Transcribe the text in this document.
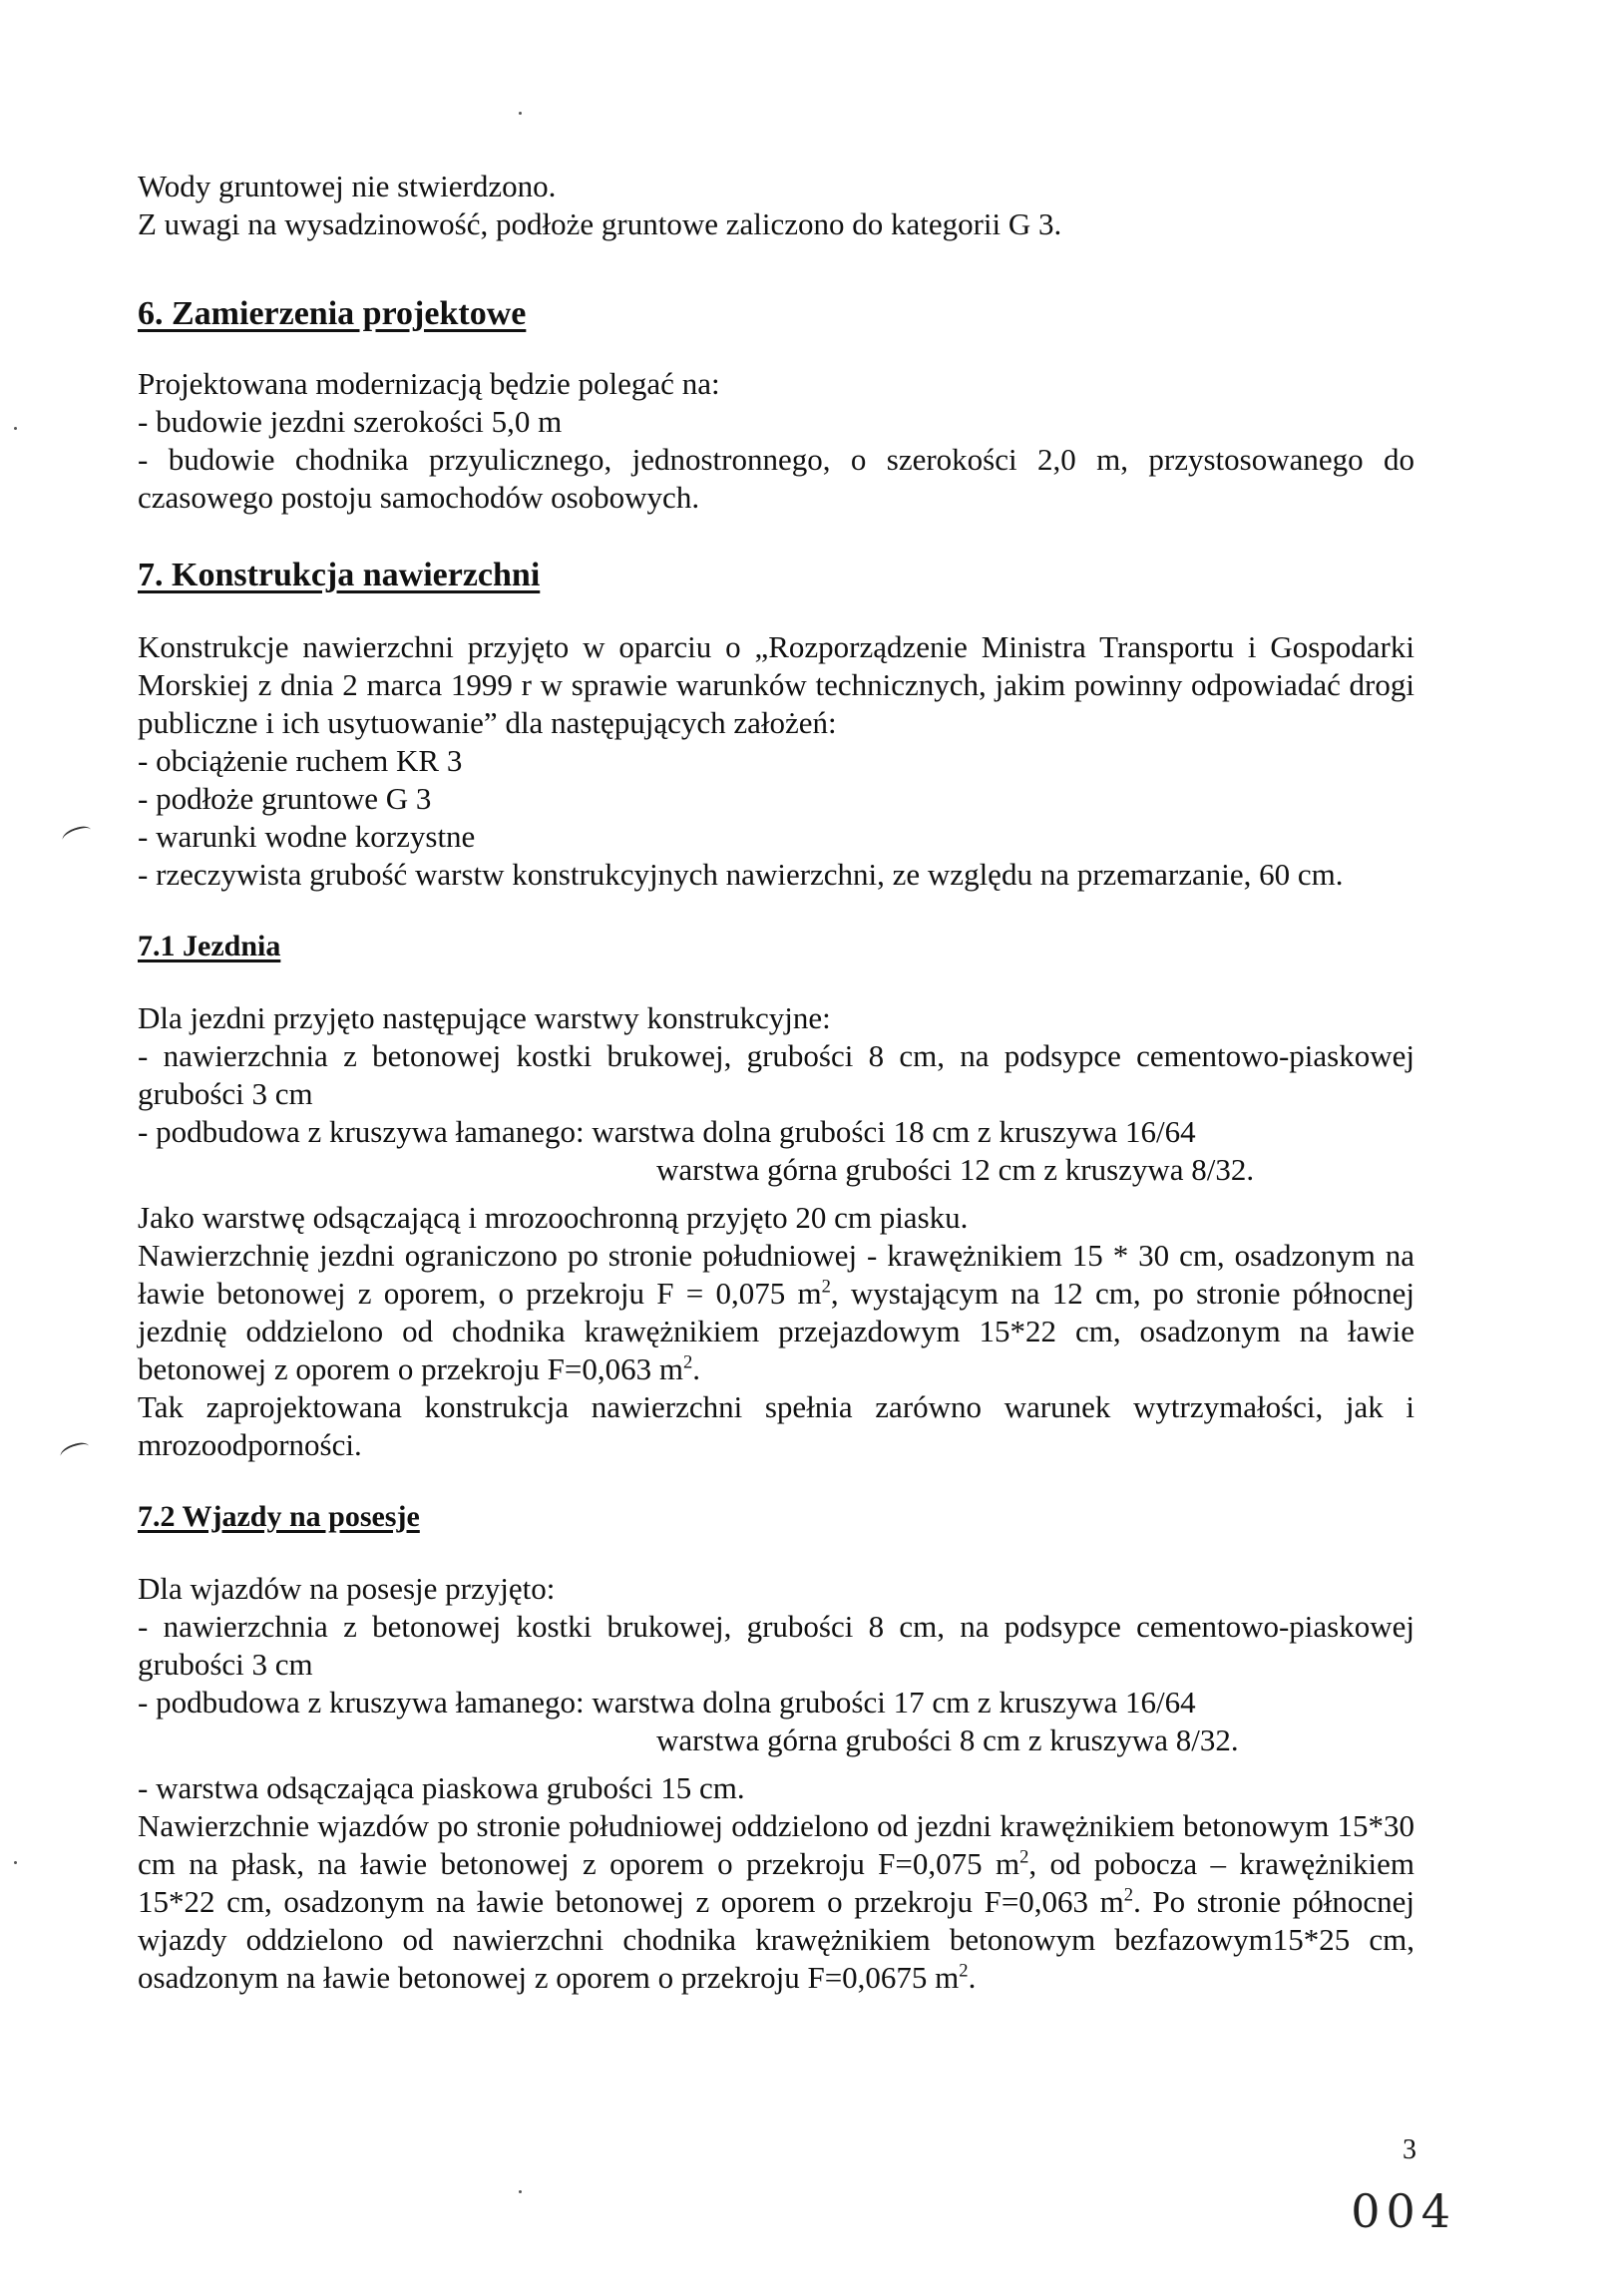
Wody gruntowej nie stwierdzono.

Z uwagi na wysadzinowość, podłoże gruntowe zaliczono do kategorii G 3.

6. Zamierzenia projektowe

Projektowana modernizacją będzie polegać na:

- budowie jezdni szerokości 5,0 m

- budowie chodnika przyulicznego, jednostronnego, o szerokości 2,0 m, przystosowanego do czasowego postoju samochodów osobowych.

7. Konstrukcja nawierzchni

Konstrukcje nawierzchni przyjęto w oparciu o „Rozporządzenie Ministra Transportu i Gospodarki Morskiej z dnia 2 marca 1999 r w sprawie warunków technicznych, jakim powinny odpowiadać drogi publiczne i ich usytuowanie” dla następujących założeń:

- obciążenie ruchem KR 3

- podłoże gruntowe G 3

- warunki wodne korzystne

- rzeczywista grubość warstw konstrukcyjnych nawierzchni, ze względu na przemarzanie, 60 cm.

7.1 Jezdnia

Dla jezdni przyjęto następujące warstwy konstrukcyjne:

- nawierzchnia z betonowej kostki brukowej, grubości 8 cm, na podsypce cementowo-piaskowej grubości 3 cm

- podbudowa z kruszywa łamanego: warstwa dolna grubości 18 cm z kruszywa 16/64

warstwa górna grubości 12 cm z kruszywa 8/32.

Jako warstwę odsączającą i mrozoochronną przyjęto 20 cm piasku.

Nawierzchnię jezdni ograniczono po stronie południowej - krawężnikiem 15 * 30 cm, osadzonym na ławie betonowej z oporem, o przekroju F = 0,075 $m^2$, wystającym na 12 cm, po stronie północnej jezdnię oddzielono od chodnika krawężnikiem przejazdowym 15*22 cm, osadzonym na ławie betonowej z oporem o przekroju F=0,063 $m^2$.

Tak zaprojektowana konstrukcja nawierzchni spełnia zarówno warunek wytrzymałości, jak i mrozoodporności.

7.2 Wjazdy na posesje

Dla wjazdów na posesje przyjęto:

- nawierzchnia z betonowej kostki brukowej, grubości 8 cm, na podsypce cementowo-piaskowej grubości 3 cm

- podbudowa z kruszywa łamanego: warstwa dolna grubości 17 cm z kruszywa 16/64

warstwa górna grubości 8 cm z kruszywa 8/32.

- warstwa odsączająca piaskowa grubości 15 cm.

Nawierzchnie wjazdów po stronie południowej oddzielono od jezdni krawężnikiem betonowym 15*30 cm na płask, na ławie betonowej z oporem o przekroju F=0,075 $m^2$, od pobocza – krawężnikiem 15*22 cm, osadzonym na ławie betonowej z oporem o przekroju F=0,063 $m^2$. Po stronie północnej wjazdy oddzielono od nawierzchni chodnika krawężnikiem betonowym bezfazowym15*25 cm, osadzonym na ławie betonowej z oporem o przekroju F=0,0675 $m^2$.

3
004
